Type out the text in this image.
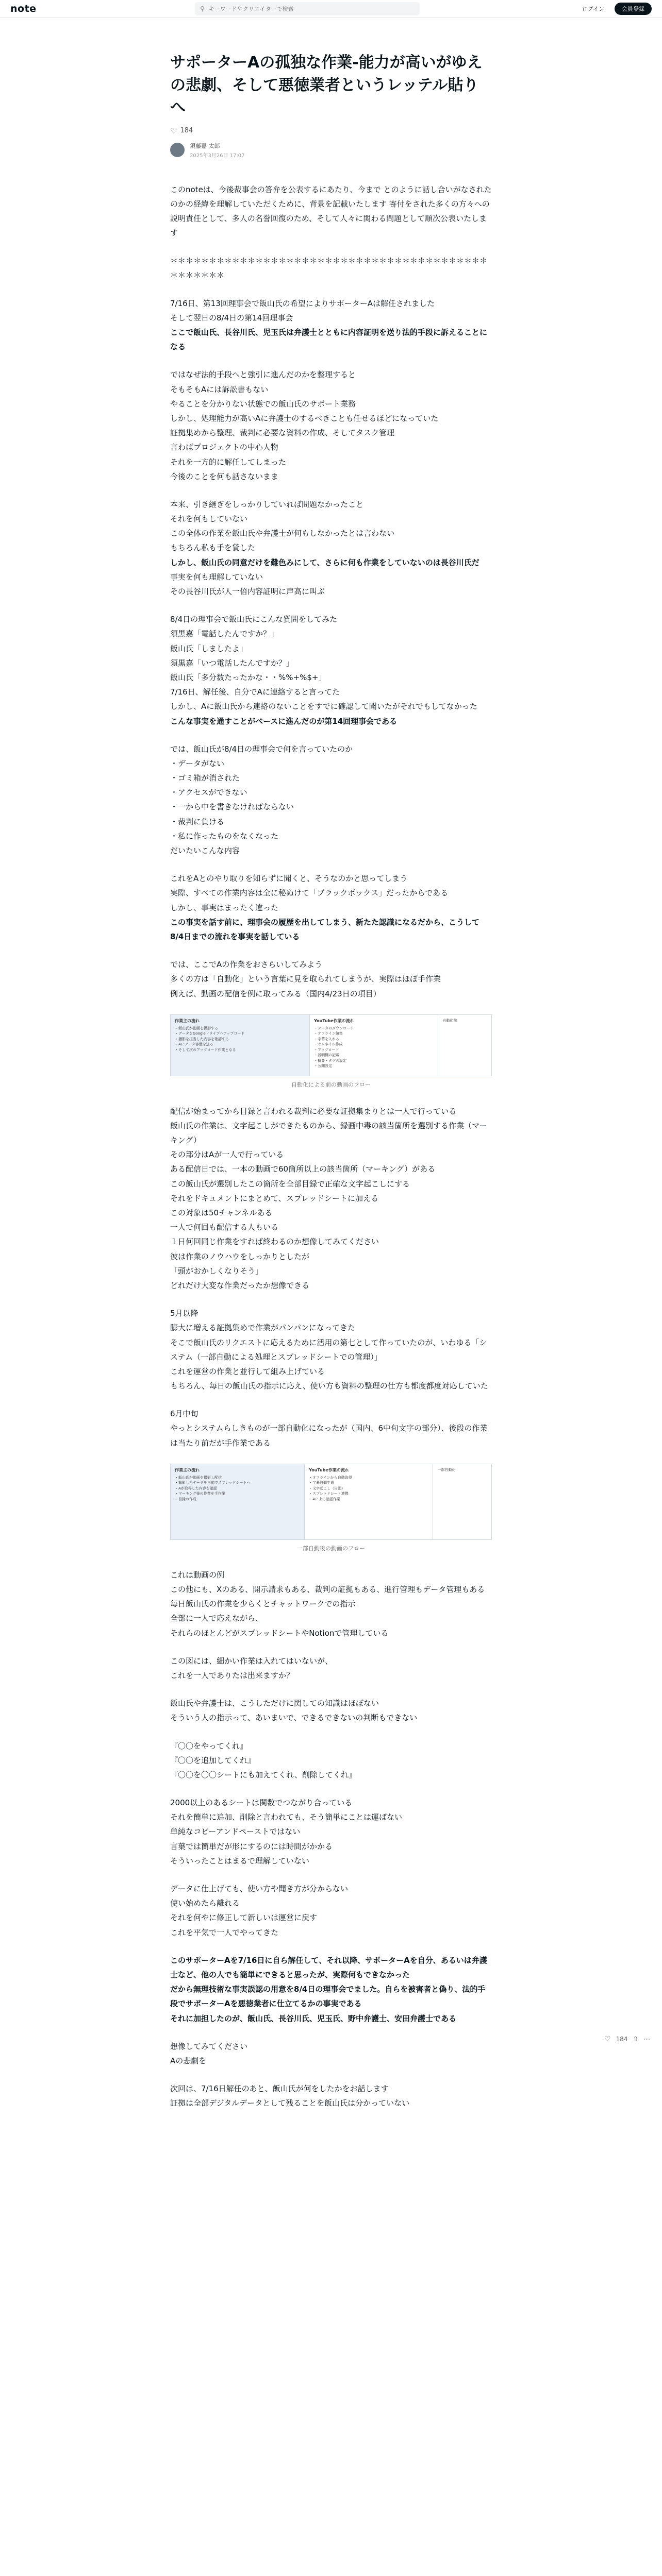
note	⚲
キーワードやクリエイターで検索	ログイン	会員登録
サポーターAの孤独な作業-能力が高いがゆえの悲劇、そして悪徳業者というレッテル貼りへ
♡ 184
須藤嘉 太郎
2025年3月26日 17:07

このnoteは、今後裁事会の答弁を公表するにあたり、今まで とのように話し合いがなされたのかの経緯を理解していただくために、背景を記載いたします 寄付をされた多くの方々への説明責任として、多人の名誉回復のため、そして人々に関わる問題として順次公表いたします

＊＊＊＊＊＊＊＊＊＊＊＊＊＊＊＊＊＊＊＊＊＊＊＊＊＊＊＊＊＊＊＊＊＊＊＊＊＊＊＊＊＊＊＊＊＊＊＊

7/16日、第13回理事会で飯山氏の希望によりサポーターAは解任されました
そして翌日の8/4日の第14回理事会
ここで飯山氏、長谷川氏、児玉氏は弁護士とともに内容証明を送り法的手段に訴えることになる

ではなぜ法的手段へと強引に進んだのかを整理すると
そもそもAには訴訟書もない
やることを分かりない状態での飯山氏のサポート業務
しかし、処理能力が高いAに弁護士のするべきことも任せるほどになっていた
証拠集めから整理、裁判に必要な資料の作成、そしてタスク管理
言わばプロジェクトの中心人物
それを一方的に解任してしまった
今後のことを何も話さないまま

本来、引き継ぎをしっかりしていれば問題なかったこと
それを何もしていない
この全体の作業を飯山氏や弁護士が何もしなかったとは言わない
もちろん私も手を貸した
しかし、飯山氏の同意だけを難色みにして、さらに何も作業をしていないのは長谷川氏だ
事実を何も理解していない
その長谷川氏が人一倍内容証明に声高に叫ぶ

8/4日の理事会で飯山氏にこんな質問をしてみた
須黒嘉「電話したんですか？」
飯山氏「しましたよ」
須黒嘉「いつ電話したんですか？」
飯山氏「多分数たったかな・・%%+%$+」
7/16日、解任後、自分でAに連絡すると言ってた
しかし、Aに飯山氏から連絡のないことをすでに確認して聞いたがそれでもしてなかった
こんな事実を通すことがベースに進んだのが第14回理事会である

では、飯山氏が8/4日の理事会で何を言っていたのか
・データがない
・ゴミ箱が消された
・アクセスができない
・一から中を書きなければならない
・裁判に負ける
・私に作ったものをなくなった
だいたいこんな内容

これをAとのやり取りを知らずに聞くと、そうなのかと思ってしまう
実際、すべての作業内容は全に秘ぬけて「ブラックボックス」だったからである
しかし、事実はまったく違った
この事実を話す前に、理事会の履歴を出してしまう、新たた認識になるだから、こうして8/4日までの流れを事実を話している

では、ここでAの作業をおさらいしてみよう
多くの方は「自動化」という言葉に見を取られてしまうが、実際はほぼ手作業
例えば、動画の配信を例に取ってみる（国内4/23日の項目）

作業主の流れ
・飯山氏が動画を撮影する
・データをGoogleドライブへアップロード
・撮影を担当した内容を確認する
・Aにデータ容量を送る
・そして次のアップロード作業となる
YouTube作業の流れ
・データのダウンロード
・オフライン編集
・字幕を入れる
・サムネイル作成
・アップロード
・説明欄の記載
・概要・タグの設定
・公開設定
自動化前
自動化による前の動画のフロー

配信が始まってから目録と言われる裁判に必要な証拠集まりとは一人で行っている
飯山氏の作業は、文字起こしができたものから、録画中毒の該当箇所を選別する作業（マーキング）
その部分はAが一人で行っている
ある配信日では、一本の動画で60箇所以上の該当箇所（マーキング）がある
この飯山氏が選別したこの箇所を全部目録で正確な文字起こしにする
それをドキュメントにまとめて、スプレッドシートに加える
この対象は50チャンネルある
一人で何回も配信する人もいる
１日何回同じ作業をすれば終わるのか想像してみてください
彼は作業のノウハウをしっかりとしたが
「頭がおかしくなりそう」
どれだけ大変な作業だったか想像できる

5月以降
膨大に増える証拠集めで作業がパンパンになってきた
そこで飯山氏のリクエストに応えるために活用の第七として作っていたのが、いわゆる「システム（一部自動による処理とスプレッドシートでの管理）」
これを運営の作業と並行して組み上げている
もちろん、毎日の飯山氏の指示に応え、使い方も資料の整理の仕方も都度都度対応していた

6月中旬
やっとシステムらしきものが一部自動化になったが（国内、6中旬文字の部分）、後段の作業は当たり前だが手作業である

作業主の流れ
・飯山氏が動画を撮影し配信
・撮影したデータを自動でスプレッドシートへ
・Aが取得した内容を確認
・マーキング後の作業を手作業
・目録の作成
YouTube作業の流れ
・オフラインから自動取得
・字幕自動生成
・文字起こし（自動）
・スプレッドシート連携
・Aによる確認作業
一部自動化
一部自動後の動画のフロー

これは動画の例
この他にも、Xのある、開示請求もある、裁判の証拠もある、進行管理もデータ管理もある
毎日飯山氏の作業を少らくとチャットワークでの指示
全部に一人で応えながら、
それらのほとんどがスプレッドシートやNotionで管理している

この図には、細かい作業は入れてはいないが、
これを一人でありたは出来ますか？

飯山氏や弁護士は、こうしただけに関しての知識はほぼない
そういう人の指示って、あいまいで、できるできないの判断もできない

『〇〇をやってくれ』
『〇〇を追加してくれ』
『〇〇を〇〇シートにも加えてくれ、削除してくれ』

2000以上のあるシートは関数でつながり合っている
それを簡単に追加、削除と言われても、そう簡単にことは運ばない
単純なコピーアンドペーストではない
言葉では簡単だが形にするのには時間がかかる
そういったことはまるで理解していない

データに仕上げても、使い方や聞き方が分からない
使い始めたら離れる
それを何やに修正して新しいは運営に戻す
これを平気で一人でやってきた

このサポーターAを7/16日に自ら解任して、それ以降、サポーターAを自分、あるいは弁護士など、他の人でも簡単にできると思ったが、実際何もできなかった
だから無理技術な事実誤認の用意を8/4日の理事会でました。自らを被害者と偽り、法的手段でサポーターAを悪徳業者に仕立てるかの事実である
それに加担したのが、飯山氏、長谷川氏、児玉氏、野中弁護士、安田弁護士である

想像してみてください
Aの悲劇を

次回は、7/16日解任のあと、飯山氏が何をしたかをお話します
証拠は全部デジタルデータとして残ることを飯山氏は分かっていない

♡ 184 ⇧ ⋯
